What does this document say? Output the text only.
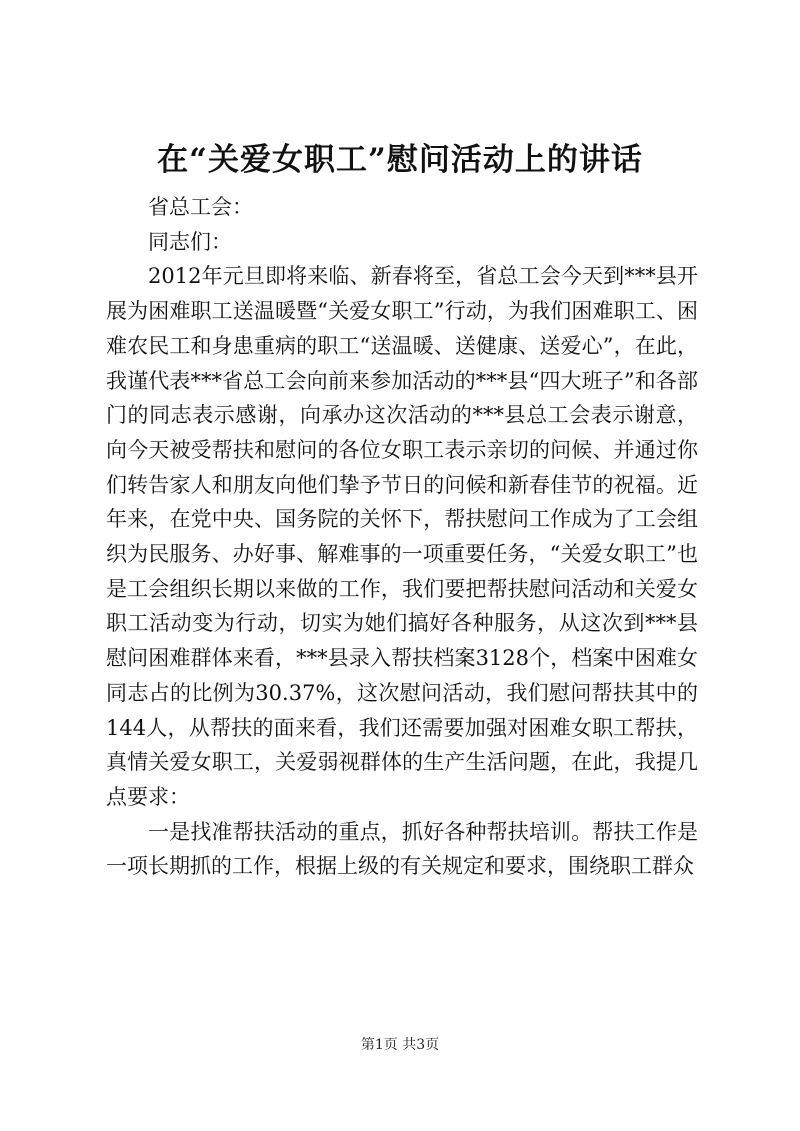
在“关爱女职工”慰问活动上的讲话

省总工会：

同志们：

2012年元旦即将来临、新春将至，省总工会今天到***县开展为困难职工送温暖暨“关爱女职工”行动，为我们困难职工、困难农民工和身患重病的职工“送温暖、送健康、送爱心”，在此，我谨代表***省总工会向前来参加活动的***县“四大班子”和各部门的同志表示感谢，向承办这次活动的***县总工会表示谢意，向今天被受帮扶和慰问的各位女职工表示亲切的问候、并通过你们转告家人和朋友向他们挚予节日的问候和新春佳节的祝福。近年来，在党中央、国务院的关怀下，帮扶慰问工作成为了工会组织为民服务、办好事、解难事的一项重要任务，“关爱女职工”也是工会组织长期以来做的工作，我们要把帮扶慰问活动和关爱女职工活动变为行动，切实为她们搞好各种服务，从这次到***县慰问困难群体来看，***县录入帮扶档案3128个，档案中困难女同志占的比例为30.37%，这次慰问活动，我们慰问帮扶其中的144人，从帮扶的面来看，我们还需要加强对困难女职工帮扶，真情关爱女职工，关爱弱视群体的生产生活问题，在此，我提几点要求：

一是找准帮扶活动的重点，抓好各种帮扶培训。帮扶工作是一项长期抓的工作，根据上级的有关规定和要求，围绕职工群众

第1页 共3页
